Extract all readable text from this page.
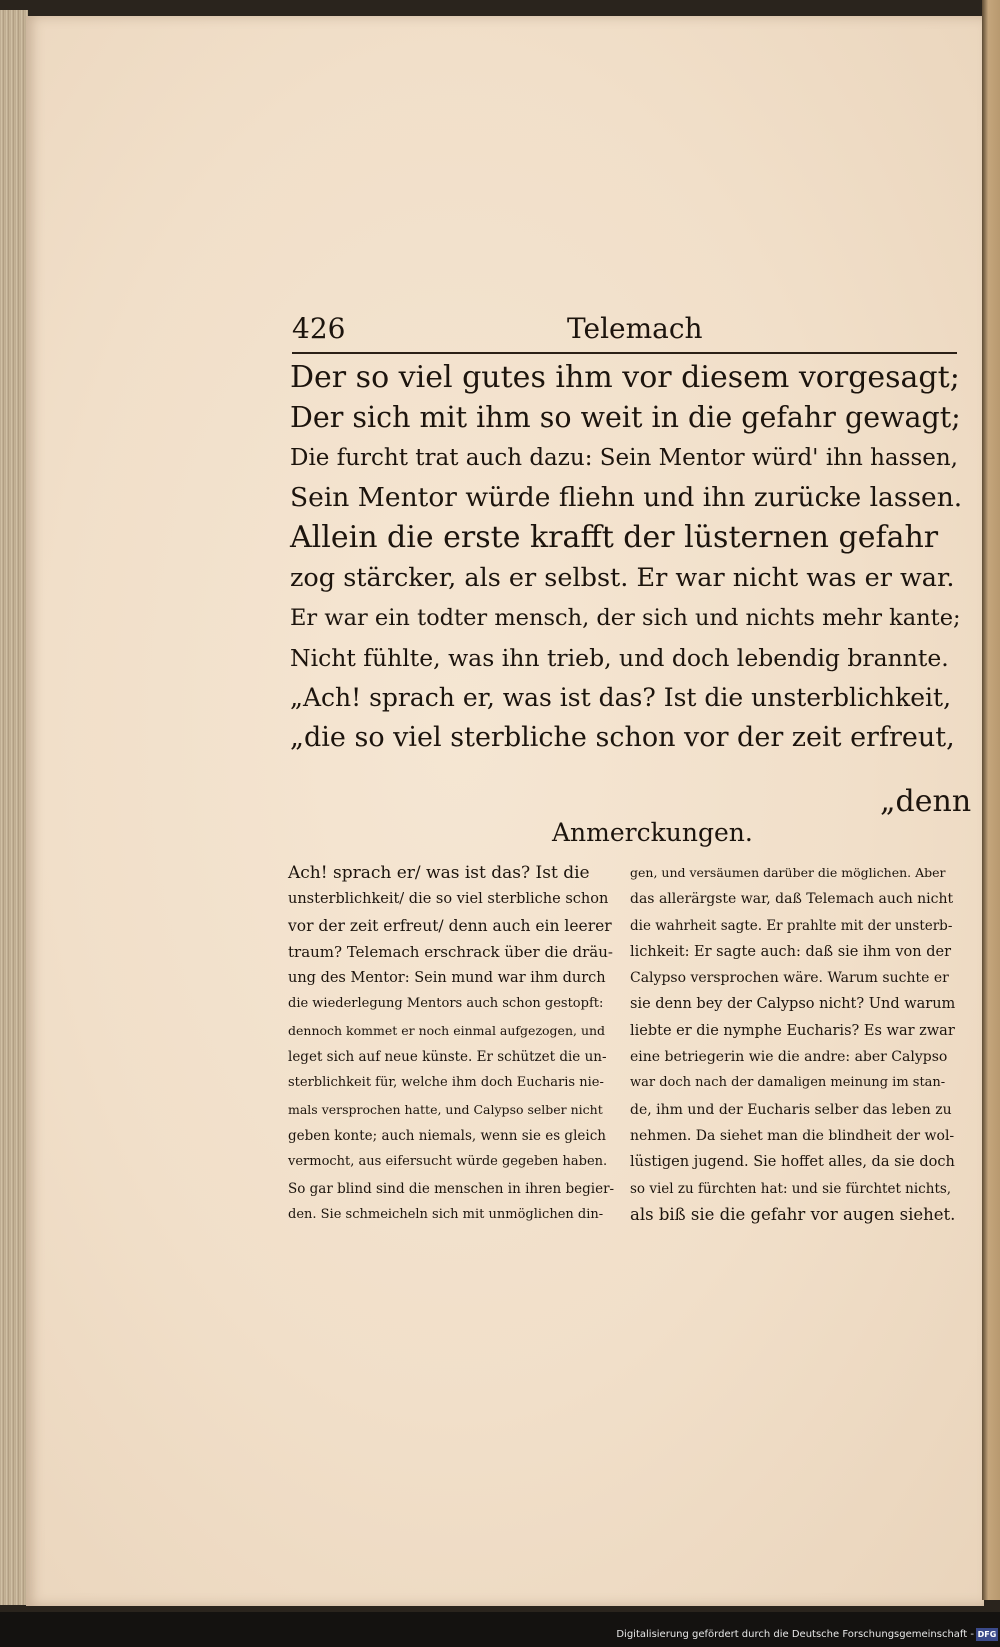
426	Telemach
Der so viel gutes ihm vor diesem vorgesagt;
Der sich mit ihm so weit in die gefahr gewagt;
Die furcht trat auch dazu: Sein Mentor würd' ihn hassen,
Sein Mentor würde fliehn und ihn zurücke lassen.
Allein die erste krafft der lüsternen gefahr
zog stärcker, als er selbst. Er war nicht was er war.
Er war ein todter mensch, der sich und nichts mehr kante;
Nicht fühlte, was ihn trieb, und doch lebendig brannte.
„Ach! sprach er, was ist das? Ist die unsterblichkeit,
„die so viel sterbliche schon vor der zeit erfreut,
„denn
Anmerckungen.
Ach! sprach er/ was ist das? Ist die
unsterblichkeit/ die so viel sterbliche schon
vor der zeit erfreut/ denn auch ein leerer
traum? Telemach erschrack über die dräu-
ung des Mentor: Sein mund war ihm durch
die wiederlegung Mentors auch schon gestopft:
dennoch kommet er noch einmal aufgezogen, und
leget sich auf neue künste. Er schützet die un-
sterblichkeit für, welche ihm doch Eucharis nie-
mals versprochen hatte, und Calypso selber nicht
geben konte; auch niemals, wenn sie es gleich
vermocht, aus eifersucht würde gegeben haben.
So gar blind sind die menschen in ihren begier-
den. Sie schmeicheln sich mit unmöglichen din-
gen, und versäumen darüber die möglichen. Aber
das allerärgste war, daß Telemach auch nicht
die wahrheit sagte. Er prahlte mit der unsterb-
lichkeit: Er sagte auch: daß sie ihm von der
Calypso versprochen wäre. Warum suchte er
sie denn bey der Calypso nicht? Und warum
liebte er die nymphe Eucharis? Es war zwar
eine betriegerin wie die andre: aber Calypso
war doch nach der damaligen meinung im stan-
de, ihm und der Eucharis selber das leben zu
nehmen. Da siehet man die blindheit der wol-
lüstigen jugend. Sie hoffet alles, da sie doch
so viel zu fürchten hat: und sie fürchtet nichts,
als biß sie die gefahr vor augen siehet.
Digitalisierung gefördert durch die Deutsche Forschungsgemeinschaft - DFG
